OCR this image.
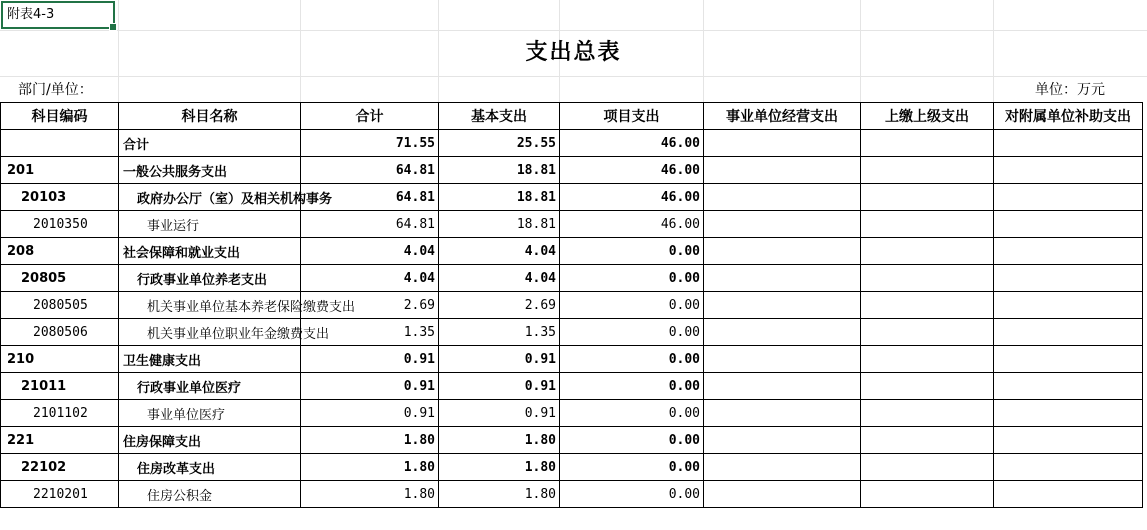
附表4-3
支出总表
部门/单位：	单位：万元
科目编码	科目名称	合计	基本支出	项目支出	事业单位经营支出	上缴上级支出	对附属单位补助支出
	合计	71.55	25.55	46.00			
201	一般公共服务支出	64.81	18.81	46.00			
20103	政府办公厅（室）及相关机构事务	64.81	18.81	46.00			
2010350	事业运行	64.81	18.81	46.00			
208	社会保障和就业支出	4.04	4.04	0.00			
20805	行政事业单位养老支出	4.04	4.04	0.00			
2080505	机关事业单位基本养老保险缴费支出	2.69	2.69	0.00			
2080506	机关事业单位职业年金缴费支出	1.35	1.35	0.00			
210	卫生健康支出	0.91	0.91	0.00			
21011	行政事业单位医疗	0.91	0.91	0.00			
2101102	事业单位医疗	0.91	0.91	0.00			
221	住房保障支出	1.80	1.80	0.00			
22102	住房改革支出	1.80	1.80	0.00			
2210201	住房公积金	1.80	1.80	0.00			
